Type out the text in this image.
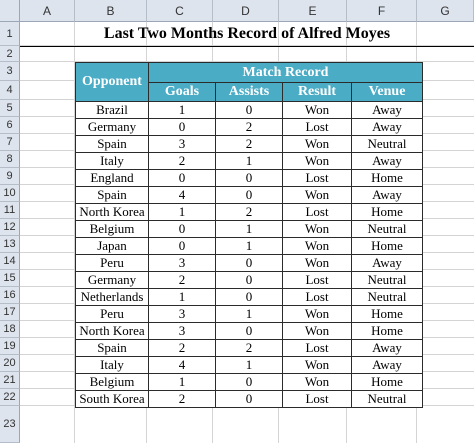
A	B	C	D	E	F	G
1
2
3
4
5
6
7
8
9
10
11
12
13
14
15
16
17
18
19
20
21
22
23
Last Two Months Record of Alfred Moyes
Opponent	Match Record			
	Goals	Assists	Result	Venue
Brazil	1	0	Won	Away
Germany	0	2	Lost	Away
Spain	3	2	Won	Neutral
Italy	2	1	Won	Away
England	0	0	Lost	Home
Spain	4	0	Won	Away
North Korea	1	2	Lost	Home
Belgium	0	1	Won	Neutral
Japan	0	1	Won	Home
Peru	3	0	Won	Away
Germany	2	0	Lost	Neutral
Netherlands	1	0	Lost	Neutral
Peru	3	1	Won	Home
North Korea	3	0	Won	Home
Spain	2	2	Lost	Away
Italy	4	1	Won	Away
Belgium	1	0	Won	Home
South Korea	2	0	Lost	Neutral
